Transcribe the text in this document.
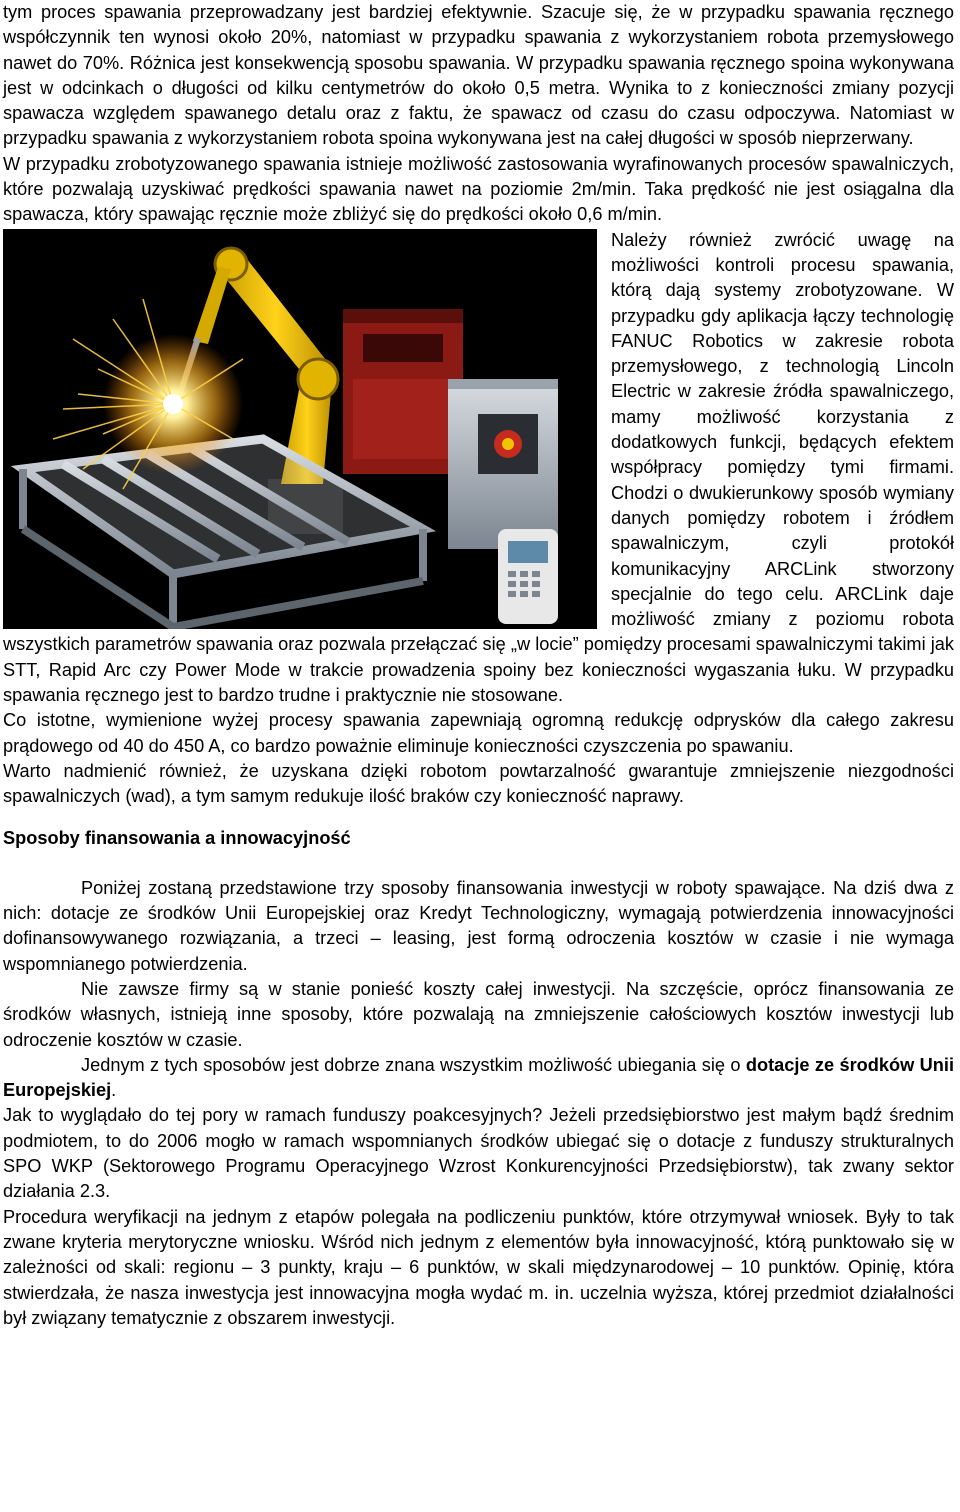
tym proces spawania przeprowadzany jest bardziej efektywnie. Szacuje się, że w przypadku spawania ręcznego współczynnik ten wynosi około 20%, natomiast w przypadku spawania z wykorzystaniem robota przemysłowego nawet do 70%. Różnica jest konsekwencją sposobu spawania. W przypadku spawania ręcznego spoina wykonywana jest w odcinkach o długości od kilku centymetrów do około 0,5 metra. Wynika to z konieczności zmiany pozycji spawacza względem spawanego detalu oraz z faktu, że spawacz od czasu do czasu odpoczywa. Natomiast w przypadku spawania z wykorzystaniem robota spoina wykonywana jest na całej długości w sposób nieprzerwany.

W przypadku zrobotyzowanego spawania istnieje możliwość zastosowania wyrafinowanych procesów spawalniczych, które pozwalają uzyskiwać prędkości spawania nawet na poziomie 2m/min. Taka prędkość nie jest osiągalna dla spawacza, który spawając ręcznie może zbliżyć się do prędkości około 0,6 m/min.

Należy również zwrócić uwagę na możliwości kontroli procesu spawania, którą dają systemy zrobotyzowane. W przypadku gdy aplikacja łączy technologię FANUC Robotics w zakresie robota przemysłowego, z technologią Lincoln Electric w zakresie źródła spawalniczego, mamy możliwość korzystania z dodatkowych funkcji, będących efektem współpracy pomiędzy tymi firmami. Chodzi o dwukierunkowy sposób wymiany danych pomiędzy robotem i źródłem spawalniczym, czyli protokół komunikacyjny ARCLink stworzony specjalnie do tego celu. ARCLink daje możliwość zmiany z poziomu robota wszystkich parametrów spawania oraz pozwala przełączać się „w locie” pomiędzy procesami spawalniczymi takimi jak STT, Rapid Arc czy Power Mode w trakcie prowadzenia spoiny bez konieczności wygaszania łuku. W przypadku spawania ręcznego jest to bardzo trudne i praktycznie nie stosowane.

Co istotne, wymienione wyżej procesy spawania zapewniają ogromną redukcję odprysków dla całego zakresu prądowego od 40 do 450 A, co bardzo poważnie eliminuje konieczności czyszczenia po spawaniu.

Warto nadmienić również, że uzyskana dzięki robotom powtarzalność gwarantuje zmniejszenie niezgodności spawalniczych (wad), a tym samym redukuje ilość braków czy konieczność naprawy.

Sposoby finansowania a innowacyjność

Poniżej zostaną przedstawione trzy sposoby finansowania inwestycji w roboty spawające. Na dziś dwa z nich: dotacje ze środków Unii Europejskiej oraz Kredyt Technologiczny, wymagają potwierdzenia innowacyjności dofinansowywanego rozwiązania, a trzeci – leasing, jest formą odroczenia kosztów w czasie i nie wymaga wspomnianego potwierdzenia.

Nie zawsze firmy są w stanie ponieść koszty całej inwestycji. Na szczęście, oprócz finansowania ze środków własnych, istnieją inne sposoby, które pozwalają na zmniejszenie całościowych kosztów inwestycji lub odroczenie kosztów w czasie.

Jednym z tych sposobów jest dobrze znana wszystkim możliwość ubiegania się o dotacje ze środków Unii Europejskiej.

Jak to wyglądało do tej pory w ramach funduszy poakcesyjnych? Jeżeli przedsiębiorstwo jest małym bądź średnim podmiotem, to do 2006 mogło w ramach wspomnianych środków ubiegać się o dotacje z funduszy strukturalnych SPO WKP (Sektorowego Programu Operacyjnego Wzrost Konkurencyjności Przedsiębiorstw), tak zwany sektor działania 2.3.

Procedura weryfikacji na jednym z etapów polegała na podliczeniu punktów, które otrzymywał wniosek. Były to tak zwane kryteria merytoryczne wniosku. Wśród nich jednym z elementów była innowacyjność, którą punktowało się w zależności od skali: regionu – 3 punkty, kraju – 6 punktów, w skali międzynarodowej – 10 punktów. Opinię, która stwierdzała, że nasza inwestycja jest innowacyjna mogła wydać m. in. uczelnia wyższa, której przedmiot działalności był związany tematycznie z obszarem inwestycji.
